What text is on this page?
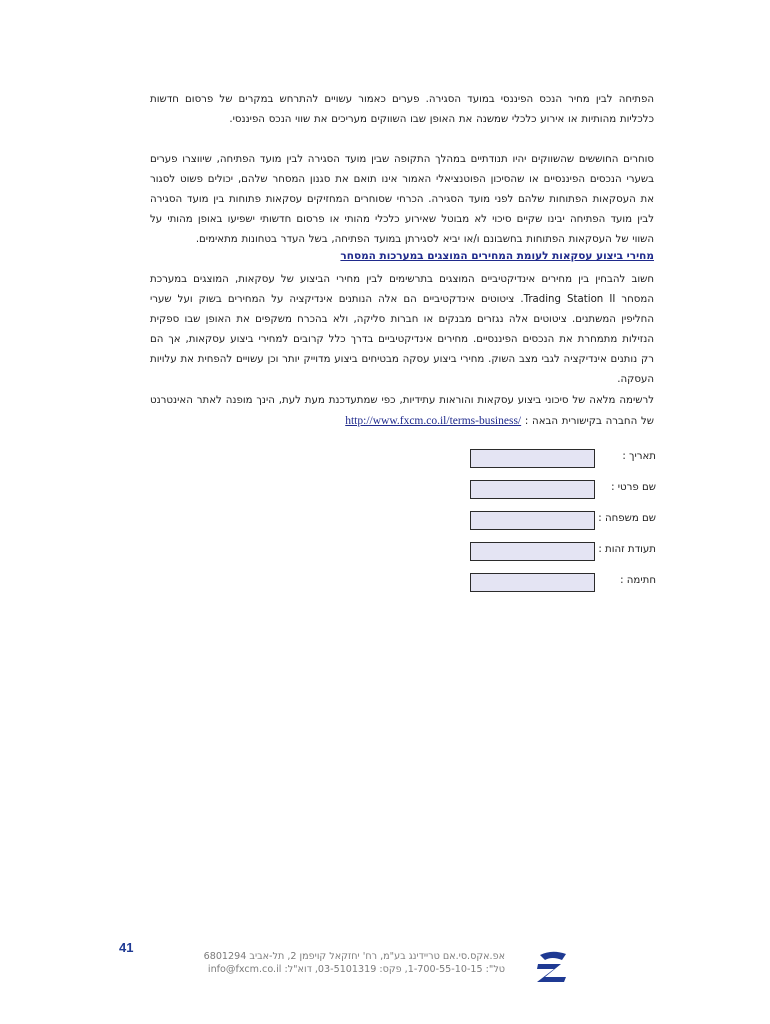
הפתיחה לבין מחיר הנכס הפיננסי במועד הסגירה. פערים כאמור עשויים להתרחש במקרים של פרסום חדשות כלכליות מהותיות או אירוע כלכלי שמשנה את האופן שבו השווקים מעריכים את שווי הנכס הפיננסי.

סוחרים החוששים שהשווקים יהיו תנודתיים במהלך התקופה שבין מועד הסגירה לבין מועד הפתיחה, שיווצרו פערים בשערי הנכסים הפיננסיים או שהסיכון הפוטנציאלי האמור אינו תואם את סגנון המסחר שלהם, יכולים פשוט לסגור את העסקאות הפתוחות שלהם לפני מועד הסגירה. הכרחי שסוחרים המחזיקים עסקאות פתוחות בין מועד הסגירה לבין מועד הפתיחה יבינו שקיים סיכוי לא מבוטל שאירוע כלכלי מהותי או פרסום חדשותי ישפיעו באופן מהותי על השווי של העסקאות הפתוחות בחשבונם ו/או יביא לסגירתן במועד הפתיחה, בשל העדר בטחונות מתאימים.

מחירי ביצוע עסקאות לעומת המחירים המוצגים במערכות המסחר

חשוב להבחין בין מחירים אינדיקטיביים המוצגים בתרשימים לבין מחירי הביצוע של עסקאות, המוצגים במערכת המסחר Trading Station II. ציטוטים אינדקטיביים הם אלה הנותנים אינדיקציה על המחירים בשוק ועל שערי החליפין המשתנים. ציטוטים אלה נגזרים מבנקים או חברות סליקה, ולא בהכרח משקפים את האופן שבו ספקית הנזילות מתמחרת את הנכסים הפיננסיים. מחירים אינדיקטיביים בדרך כלל קרובים למחירי ביצוע עסקאות, אך הם רק נותנים אינדיקציה לגבי מצב השוק. מחירי ביצוע עסקה מבטיחים ביצוע מדוייק יותר וכן עשויים להפחית את עלויות העסקה.

לרשימה מלאה של סיכוני ביצוע עסקאות והוראות עתידיות, כפי שמתעדכנת מעת לעת, הינך מופנה לאתר האינטרנט של החברה בקישורית הבאה : http://www.fxcm.co.il/terms-business/

תאריך :
שם פרטי :
שם משפחה :
תעודת זהות :
חתימה :
41
אפ.אקס.סי.אם טריידינג בע"מ, רח' יחזקאל קויפמן 2, תל-אביב 6801294
טל": 1-700-55-10-15, פקס: 03-5101319, דוא"ל: info@fxcm.co.il
